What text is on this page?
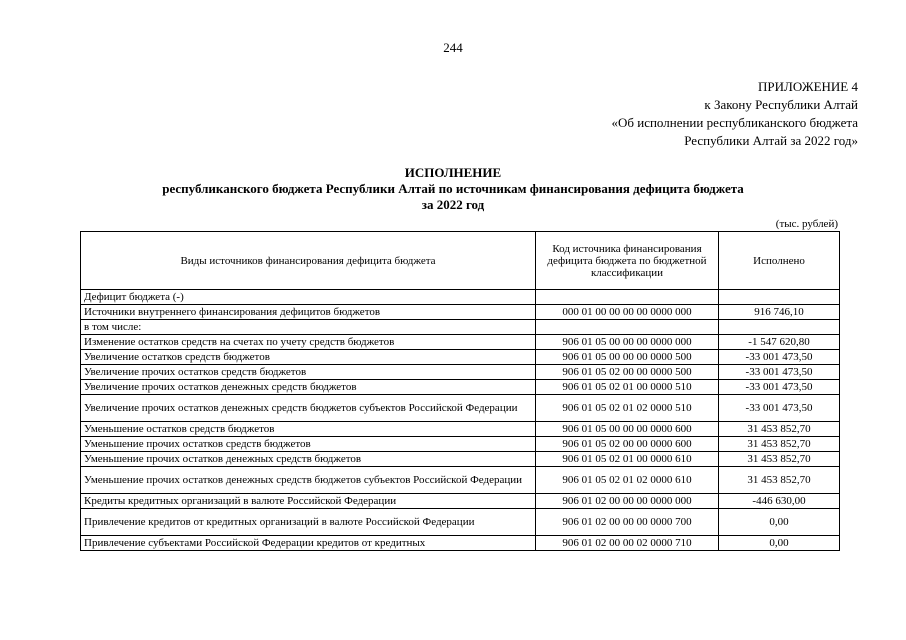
244
ПРИЛОЖЕНИЕ 4
к Закону Республики Алтай
«Об исполнении республиканского бюджета
Республики Алтай за 2022 год»
ИСПОЛНЕНИЕ
республиканского бюджета Республики Алтай по источникам финансирования дефицита бюджета
за 2022 год
(тыс. рублей)
Виды источников финансирования дефицита бюджета	Код источника финансирования дефицита бюджета по бюджетной классификации	Исполнено
Дефицит бюджета (-)		
Источники внутреннего финансирования дефицитов бюджетов	000 01 00 00 00 00 0000 000	916 746,10
в том числе:		
Изменение остатков средств на счетах по учету средств бюджетов	906 01 05 00 00 00 0000 000	-1 547 620,80
Увеличение остатков средств бюджетов	906 01 05 00 00 00 0000 500	-33 001 473,50
Увеличение прочих остатков средств бюджетов	906 01 05 02 00 00 0000 500	-33 001 473,50
Увеличение прочих остатков денежных средств бюджетов	906 01 05 02 01 00 0000 510	-33 001 473,50
Увеличение прочих остатков денежных средств бюджетов субъектов Российской Федерации	906 01 05 02 01 02 0000 510	-33 001 473,50
Уменьшение остатков средств бюджетов	906 01 05 00 00 00 0000 600	31 453 852,70
Уменьшение прочих остатков средств бюджетов	906 01 05 02 00 00 0000 600	31 453 852,70
Уменьшение прочих остатков денежных средств бюджетов	906 01 05 02 01 00 0000 610	31 453 852,70
Уменьшение прочих остатков денежных средств бюджетов субъектов Российской Федерации	906 01 05 02 01 02 0000 610	31 453 852,70
Кредиты кредитных организаций в валюте Российской Федерации	906 01 02 00 00 00 0000 000	-446 630,00
Привлечение кредитов от кредитных организаций в валюте Российской Федерации	906 01 02 00 00 00 0000 700	0,00
Привлечение субъектами Российской Федерации кредитов от кредитных	906 01 02 00 00 02 0000 710	0,00
